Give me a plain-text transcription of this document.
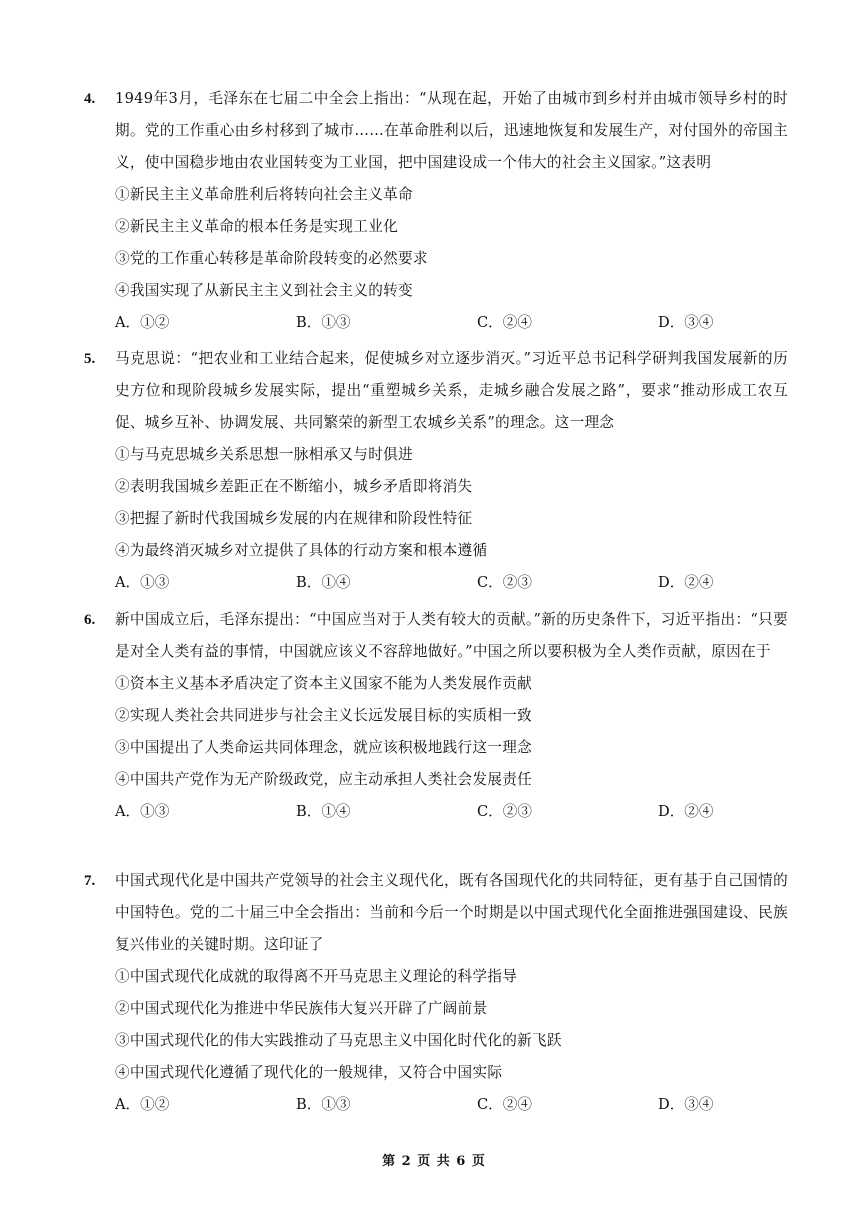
4.	1949年3月，毛泽东在七届二中全会上指出：“从现在起，开始了由城市到乡村并由城市领导乡村的时期。党的工作重心由乡村移到了城市……在革命胜利以后，迅速地恢复和发展生产，对付国外的帝国主义，使中国稳步地由农业国转变为工业国，把中国建设成一个伟大的社会主义国家。”这表明
①新民主主义革命胜利后将转向社会主义革命
②新民主主义革命的根本任务是实现工业化
③党的工作重心转移是革命阶段转变的必然要求
④我国实现了从新民主主义到社会主义的转变
A．①②	B．①③	C．②④	D．③④
5.	马克思说：“把农业和工业结合起来，促使城乡对立逐步消灭。”习近平总书记科学研判我国发展新的历史方位和现阶段城乡发展实际，提出“重塑城乡关系，走城乡融合发展之路”，要求“推动形成工农互促、城乡互补、协调发展、共同繁荣的新型工农城乡关系”的理念。这一理念
①与马克思城乡关系思想一脉相承又与时俱进
②表明我国城乡差距正在不断缩小，城乡矛盾即将消失
③把握了新时代我国城乡发展的内在规律和阶段性特征
④为最终消灭城乡对立提供了具体的行动方案和根本遵循
A．①③	B．①④	C．②③	D．②④
6.	新中国成立后，毛泽东提出：“中国应当对于人类有较大的贡献。”新的历史条件下，习近平指出：“只要是对全人类有益的事情，中国就应该义不容辞地做好。”中国之所以要积极为全人类作贡献，原因在于
①资本主义基本矛盾决定了资本主义国家不能为人类发展作贡献
②实现人类社会共同进步与社会主义长远发展目标的实质相一致
③中国提出了人类命运共同体理念，就应该积极地践行这一理念
④中国共产党作为无产阶级政党，应主动承担人类社会发展责任
A．①③	B．①④	C．②③	D．②④
7.	中国式现代化是中国共产党领导的社会主义现代化，既有各国现代化的共同特征，更有基于自己国情的中国特色。党的二十届三中全会指出：当前和今后一个时期是以中国式现代化全面推进强国建设、民族复兴伟业的关键时期。这印证了
①中国式现代化成就的取得离不开马克思主义理论的科学指导
②中国式现代化为推进中华民族伟大复兴开辟了广阔前景
③中国式现代化的伟大实践推动了马克思主义中国化时代化的新飞跃
④中国式现代化遵循了现代化的一般规律，又符合中国实际
A．①②	B．①③	C．②④	D．③④
第 2 页 共 6 页
